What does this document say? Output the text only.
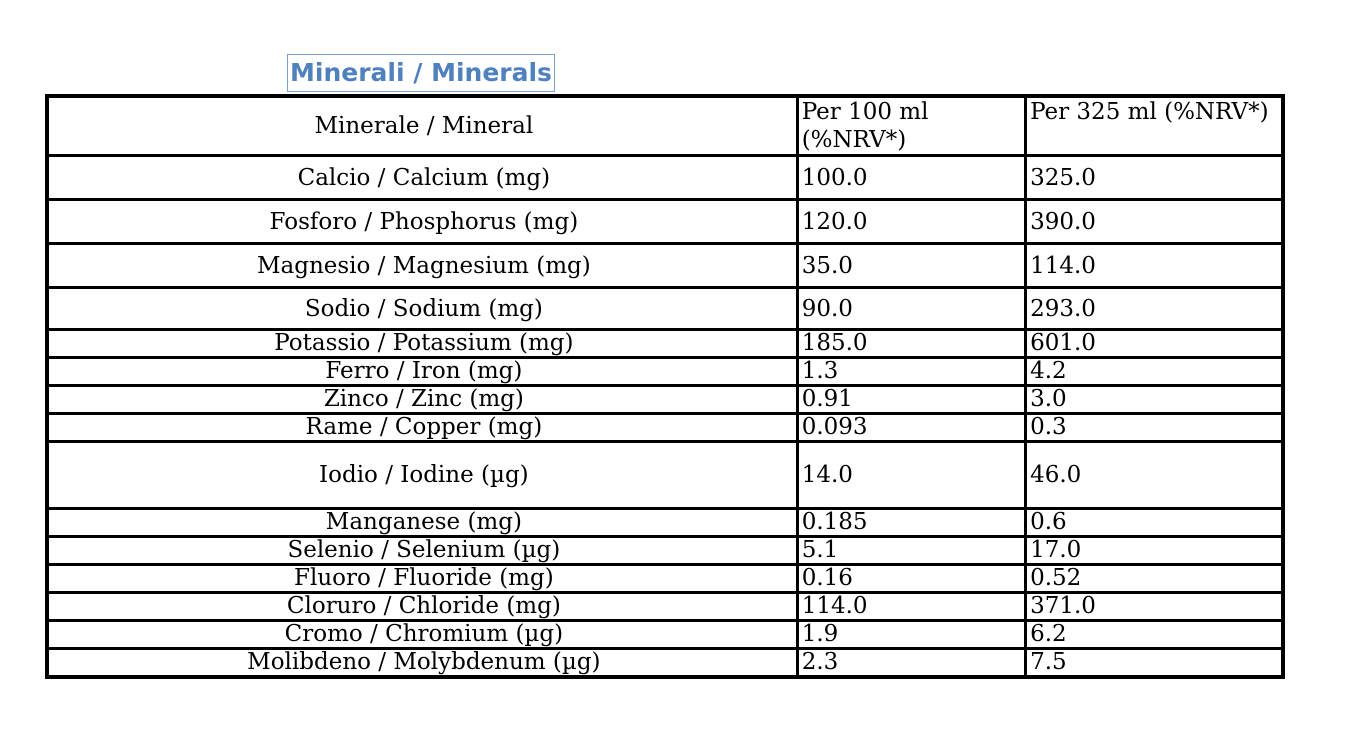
Minerali / Minerals
Minerale / Mineral	Per 100 ml (%NRV*)	Per 325 ml (%NRV*)
Calcio / Calcium (mg)	100.0	325.0
Fosforo / Phosphorus (mg)	120.0	390.0
Magnesio / Magnesium (mg)	35.0	114.0
Sodio / Sodium (mg)	90.0	293.0
Potassio / Potassium (mg)	185.0	601.0
Ferro / Iron (mg)	1.3	4.2
Zinco / Zinc (mg)	0.91	3.0
Rame / Copper (mg)	0.093	0.3
Iodio / Iodine (µg)	14.0	46.0
Manganese (mg)	0.185	0.6
Selenio / Selenium (µg)	5.1	17.0
Fluoro / Fluoride (mg)	0.16	0.52
Cloruro / Chloride (mg)	114.0	371.0
Cromo / Chromium (µg)	1.9	6.2
Molibdeno / Molybdenum (µg)	2.3	7.5
